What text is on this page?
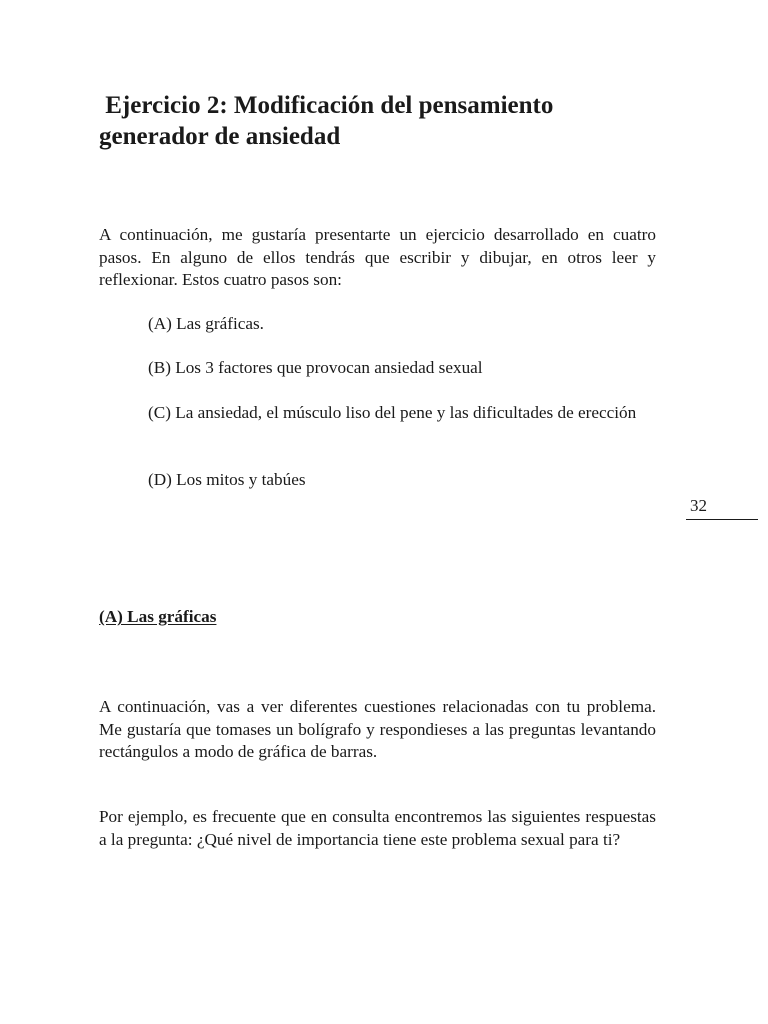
Ejercicio 2: Modificación del pensamiento
generador de ansiedad

A continuación, me gustaría presentarte un ejercicio desarrollado en cuatro pasos. En alguno de ellos tendrás que escribir y dibujar, en otros leer y reflexionar. Estos cuatro pasos son:

(A) Las gráficas.

(B) Los 3 factores que provocan ansiedad sexual

(C) La ansiedad, el músculo liso del pene y las dificultades de erección

(D) Los mitos y tabúes

32
(A) Las gráficas

A continuación, vas a ver diferentes cuestiones relacionadas con tu problema. Me gustaría que tomases un bolígrafo y respondieses a las preguntas levantando rectángulos a modo de gráfica de barras.

Por ejemplo, es frecuente que en consulta encontremos las siguientes respuestas a la pregunta: ¿Qué nivel de importancia tiene este problema sexual para ti?
